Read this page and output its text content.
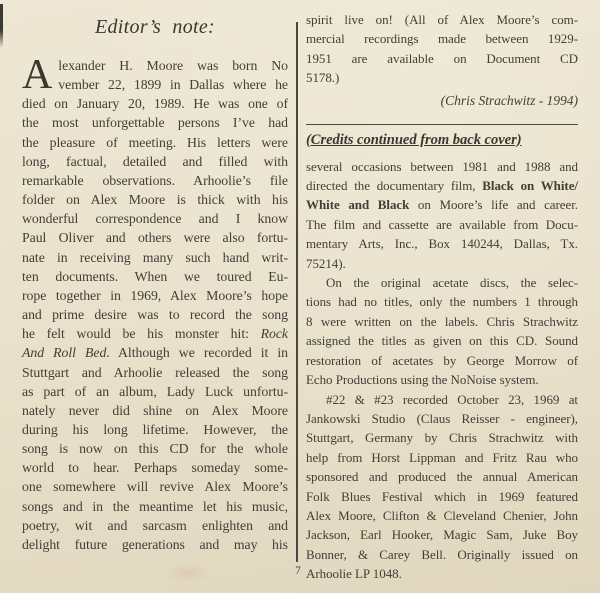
Editor’s note:
A lexander H. Moore was born No
vember 22, 1899 in Dallas where he
died on January 20, 1989. He was one of
the most unforgettable persons I’ve had
the pleasure of meeting. His letters were
long, factual, detailed and filled with
remarkable observations. Arhoolie’s file
folder on Alex Moore is thick with his
wonderful correspondence and I know
Paul Oliver and others were also fortu-
nate in receiving many such hand writ-
ten documents. When we toured Eu-
rope together in 1969, Alex Moore’s hope
and prime desire was to record the song
he felt would be his monster hit: Rock
And Roll Bed. Although we recorded it in
Stuttgart and Arhoolie released the song
as part of an album, Lady Luck unfortu-
nately never did shine on Alex Moore
during his long lifetime. However, the
song is now on this CD for the whole
world to hear. Perhaps someday some-
one somewhere will revive Alex Moore’s
songs and in the meantime let his music,
poetry, wit and sarcasm enlighten and
delight future generations and may his
spirit live on! (All of Alex Moore’s com-
mercial recordings made between 1929-
1951 are available on Document CD
5178.)
(Chris Strachwitz - 1994)
(Credits continued from back cover)
several occasions between 1981 and 1988 and
directed the documentary film, Black on White/
White and Black on Moore’s life and career.
The film and cassette are available from Docu-
mentary Arts, Inc., Box 140244, Dallas, Tx.
75214).
On the original acetate discs, the selec-
tions had no titles, only the numbers 1 through
8 were written on the labels. Chris Strachwitz
assigned the titles as given on this CD. Sound
restoration of acetates by George Morrow of
Echo Productions using the NoNoise system.
#22 & #23 recorded October 23, 1969 at
Jankowski Studio (Claus Reisser - engineer),
Stuttgart, Germany by Chris Strachwitz with
help from Horst Lippman and Fritz Rau who
sponsored and produced the annual American
Folk Blues Festival which in 1969 featured
Alex Moore, Clifton & Cleveland Chenier, John
Jackson, Earl Hooker, Magic Sam, Juke Boy
Bonner, & Carey Bell. Originally issued on
Arhoolie LP 1048.
7
